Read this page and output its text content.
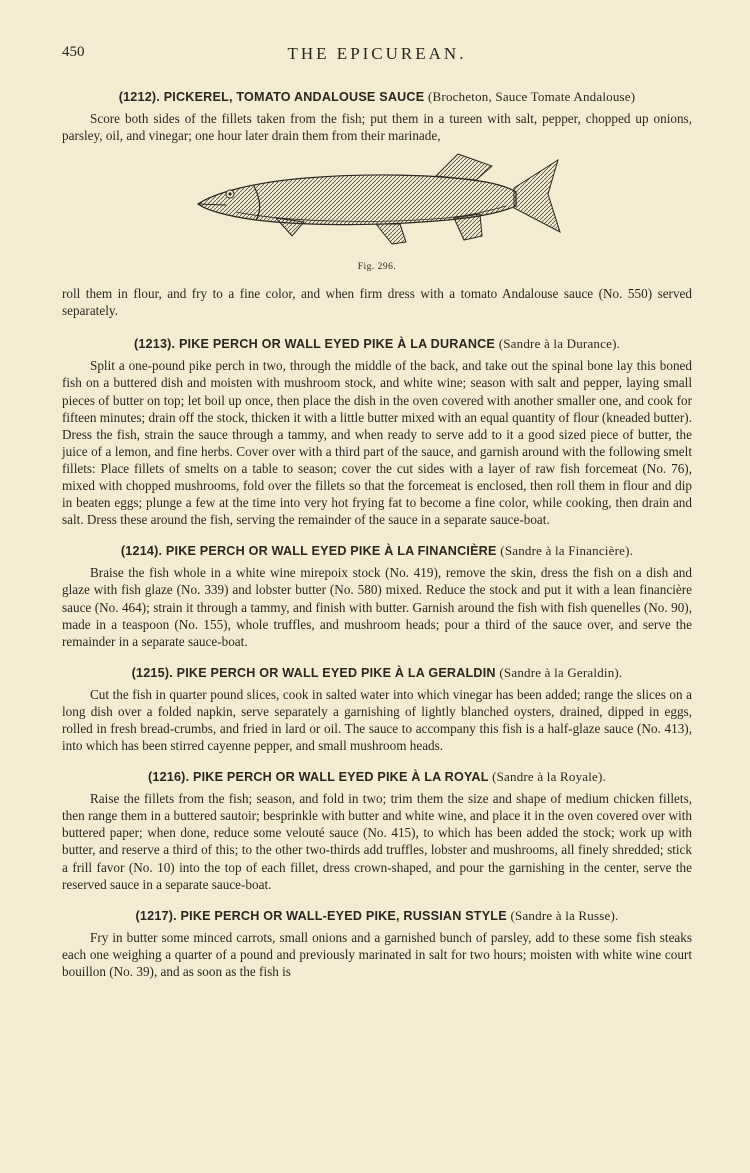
450	THE EPICUREAN.
(1212). PICKEREL, TOMATO ANDALOUSE SAUCE (Brocheton, Sauce Tomate Andalouse)

Score both sides of the fillets taken from the fish; put them in a tureen with salt, pepper, chopped up onions, parsley, oil, and vinegar; one hour later drain them from their marinade,

Fig. 296.

roll them in flour, and fry to a fine color, and when firm dress with a tomato Andalouse sauce (No. 550) served separately.

(1213). PIKE PERCH OR WALL EYED PIKE À LA DURANCE (Sandre à la Durance).

Split a one-pound pike perch in two, through the middle of the back, and take out the spinal bone lay this boned fish on a buttered dish and moisten with mushroom stock, and white wine; season with salt and pepper, laying small pieces of butter on top; let boil up once, then place the dish in the oven covered with another smaller one, and cook for fifteen minutes; drain off the stock, thicken it with a little butter mixed with an equal quantity of flour (kneaded butter). Dress the fish, strain the sauce through a tammy, and when ready to serve add to it a good sized piece of butter, the juice of a lemon, and fine herbs. Cover over with a third part of the sauce, and garnish around with the following smelt fillets: Place fillets of smelts on a table to season; cover the cut sides with a layer of raw fish forcemeat (No. 76), mixed with chopped mushrooms, fold over the fillets so that the forcemeat is enclosed, then roll them in flour and dip in beaten eggs; plunge a few at the time into very hot frying fat to become a fine color, while cooking, then drain and salt. Dress these around the fish, serving the remainder of the sauce in a separate sauce-boat.

(1214). PIKE PERCH OR WALL EYED PIKE À LA FINANCIÈRE (Sandre à la Financière).

Braise the fish whole in a white wine mirepoix stock (No. 419), remove the skin, dress the fish on a dish and glaze with fish glaze (No. 339) and lobster butter (No. 580) mixed. Reduce the stock and put it with a lean financière sauce (No. 464); strain it through a tammy, and finish with butter. Garnish around the fish with fish quenelles (No. 90), made in a teaspoon (No. 155), whole truffles, and mushroom heads; pour a third of the sauce over, and serve the remainder in a separate sauce-boat.

(1215). PIKE PERCH OR WALL EYED PIKE À LA GERALDIN (Sandre à la Geraldin).

Cut the fish in quarter pound slices, cook in salted water into which vinegar has been added; range the slices on a long dish over a folded napkin, serve separately a garnishing of lightly blanched oysters, drained, dipped in eggs, rolled in fresh bread-crumbs, and fried in lard or oil. The sauce to accompany this fish is a half-glaze sauce (No. 413), into which has been stirred cayenne pepper, and small mushroom heads.

(1216). PIKE PERCH OR WALL EYED PIKE À LA ROYAL (Sandre à la Royale).

Raise the fillets from the fish; season, and fold in two; trim them the size and shape of medium chicken fillets, then range them in a buttered sautoir; besprinkle with butter and white wine, and place it in the oven covered over with buttered paper; when done, reduce some velouté sauce (No. 415), to which has been added the stock; work up with butter, and reserve a third of this; to the other two-thirds add truffles, lobster and mushrooms, all finely shredded; stick a frill favor (No. 10) into the top of each fillet, dress crown-shaped, and pour the garnishing in the center, serve the reserved sauce in a separate sauce-boat.

(1217). PIKE PERCH OR WALL-EYED PIKE, RUSSIAN STYLE (Sandre à la Russe).

Fry in butter some minced carrots, small onions and a garnished bunch of parsley, add to these some fish steaks each one weighing a quarter of a pound and previously marinated in salt for two hours; moisten with white wine court bouillon (No. 39), and as soon as the fish is
